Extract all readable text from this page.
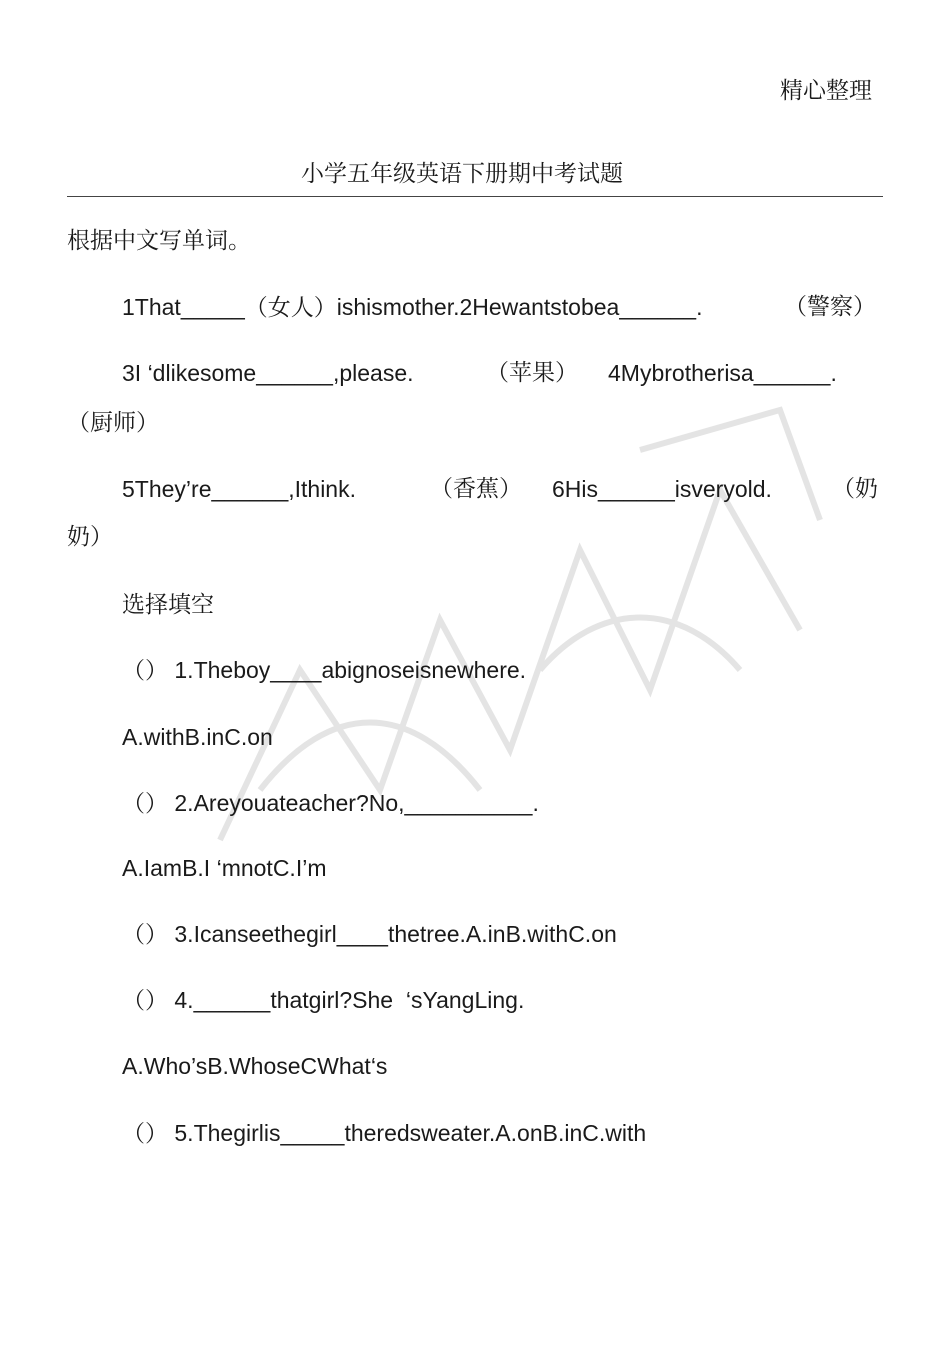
精心整理
小学五年级英语下册期中考试题
根据中文写单词。
1That_____（女人）ishismother.2Hewantstobea______.	（警察）
3I ‘dlikesome______,please.	（苹果） 4Mybrotherisa______.
（厨师）
5They’re______,Ithink.	（香蕉） 6His______isveryold.	（奶
奶）
选择填空
（） 1.Theboy____abignoseisnewhere.
A.withB.inC.on
（） 2.Areyouateacher?No,__________.
A.IamB.I ‘mnotC.I’m
（） 3.Icanseethegirl____thetree.A.inB.withC.on
（） 4.______thatgirl?She  ‘sYangLing.
A.Who’sB.WhoseCWhat‘s
（） 5.Thegirlis_____theredsweater.A.onB.inC.with
